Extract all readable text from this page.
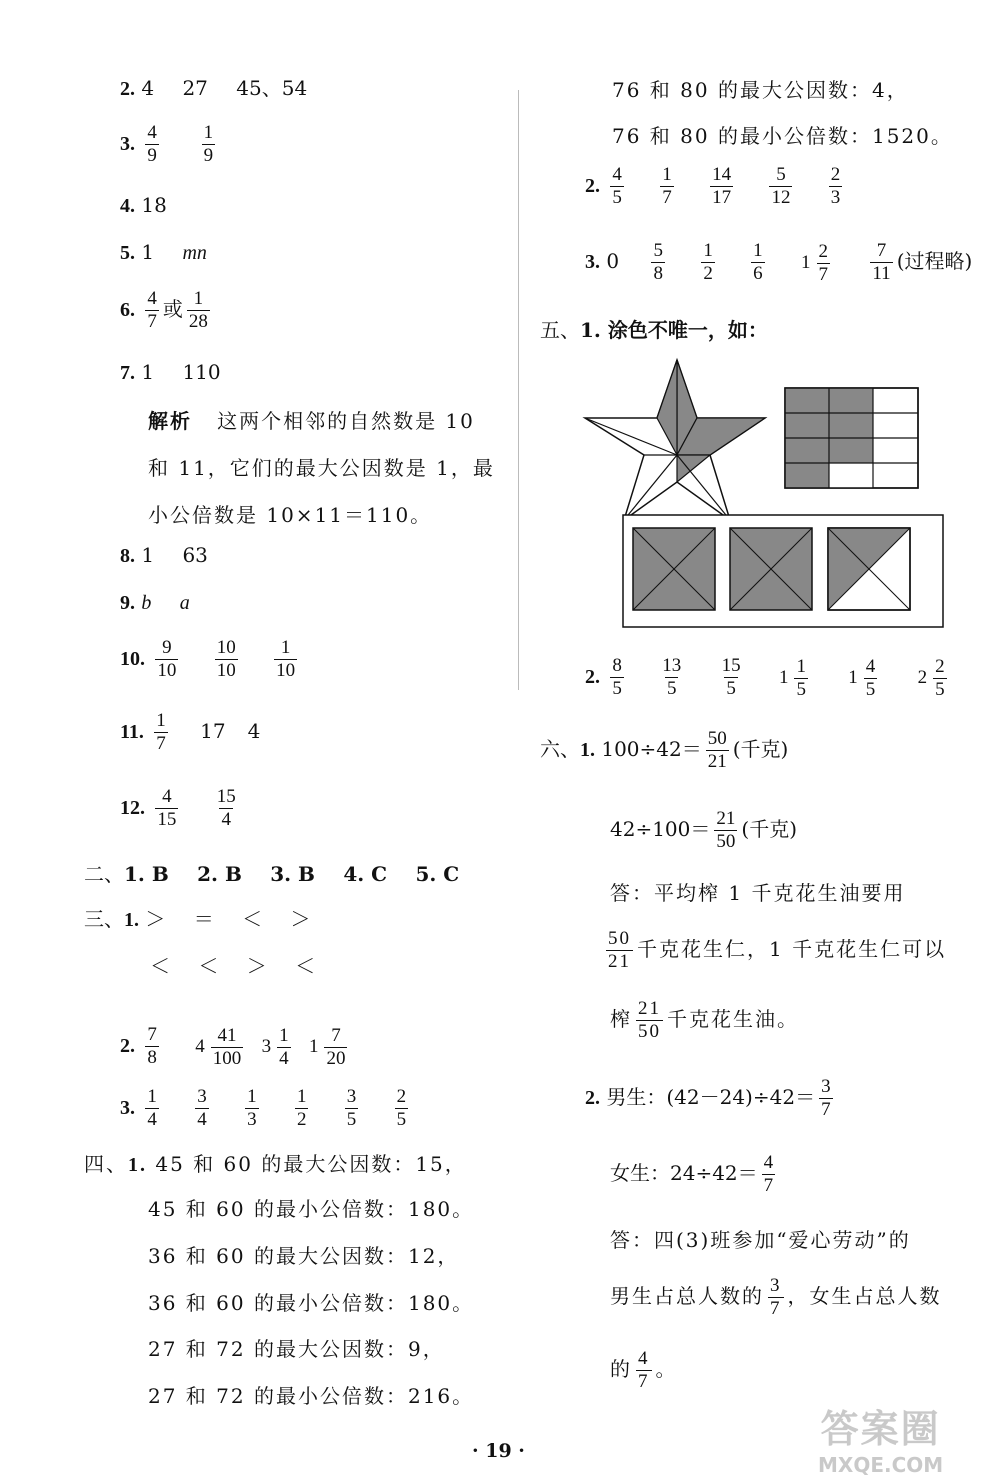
2. 4 27 45、54
3. $\frac{4}{9}$
$\frac{1}{9}$
4. 18
5. 1 mn
6. $\frac{4}{7}$ 或 $\frac{1}{28}$
7. 1 110
解析 这两个相邻的自然数是 10
和 11，它们的最大公因数是 1，最
小公倍数是 10×11＝110。
8. 1 63
9. b a
10. $\frac{9}{10}$
$\frac{10}{10}$
$\frac{1}{10}$
11. $\frac{1}{7} 17$ 4
12. $\frac{4}{15}$
$\frac{15}{4}$
二、1. B 2. B 3. B 4. C 5. C
三、1. ＞ ＝ ＜ ＞
＜ ＜ ＞ ＜
2. $\frac{7}{8}$
4
41
100

3
1
4

1
7
20
3. $\frac{1}{4}$
$\frac{3}{4}$
$\frac{1}{3}$
$\frac{1}{2}$
$\frac{3}{5}$
$\frac{2}{5}$
四、1. 45 和 60 的最大公因数：15，
45 和 60 的最小公倍数：180。
36 和 60 的最大公因数：12，
36 和 60 的最小公倍数：180。
27 和 72 的最大公因数：9，
27 和 72 的最小公倍数：216。
76 和 80 的最大公因数：4，
76 和 80 的最小公倍数：1520。
2. $\frac{4}{5}$
$\frac{1}{7}$
$\frac{14}{17}$
$\frac{5}{12}$
$\frac{2}{3}$
3. $0 \frac{5}{8}$
$\frac{1}{2}$
$\frac{1}{6}$
1
2
7
$\frac{7}{11}$ (过程略)
五、1. 涂色不唯一，如：
2. $\frac{8}{5}$
$\frac{13}{5}$
$\frac{15}{5}$
1
1
5

1
4
5

2
2
5
六、1. $100\div 42= \frac{50}{21}$ (千克)
$42\div 100= \frac{21}{50}$ (千克)
答：平均榨 1 千克花生油要用
$\frac{50}{21}$ 千克花生仁，1 千克花生仁可以
榨 $\frac{21}{50}$ 千克花生油。
2. 男生：$(42-24)\div 42= \frac{3}{7}$
女生：$24\div 42= \frac{4}{7}$
答：四(3)班参加“爱心劳动”的
男生占总人数的 $\frac{3}{7}$ ，女生占总人数
的 $\frac{4}{7}$ 。
· 19 ·	答案圈
MXQE.COM
